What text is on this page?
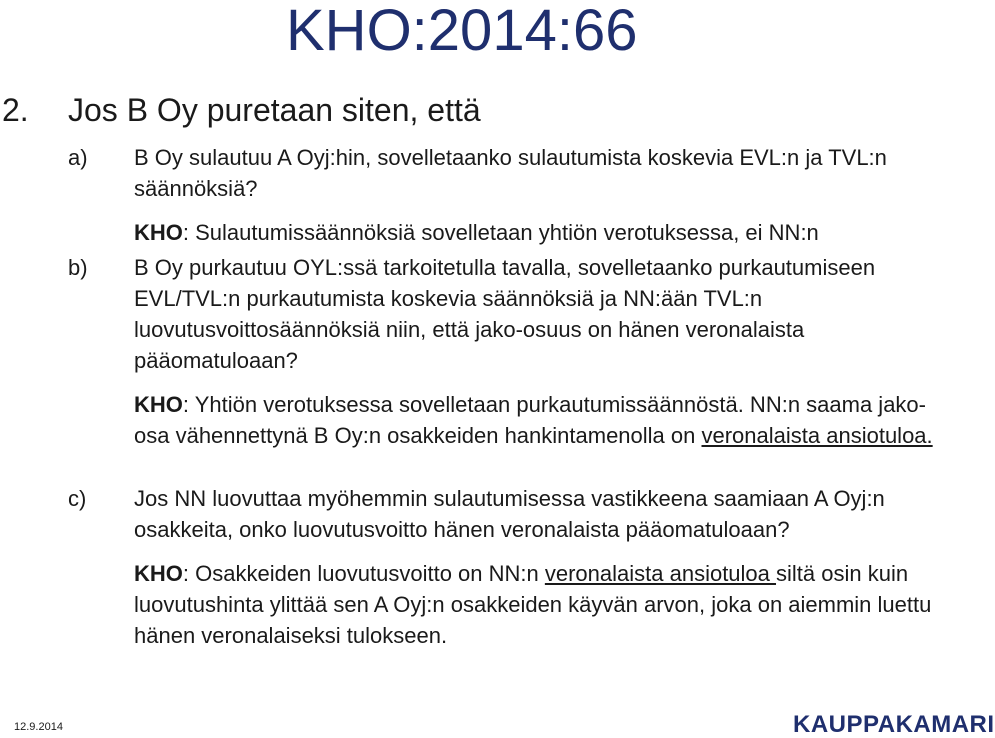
KHO:2014:66
2. Jos B Oy puretaan siten, että
a) B Oy sulautuu A Oyj:hin, sovelletaanko sulautumista koskevia EVL:n ja TVL:n säännöksiä?

KHO: Sulautumissäännöksiä sovelletaan yhtiön verotuksessa, ei NN:n

b) B Oy purkautuu OYL:ssä tarkoitetulla tavalla, sovelletaanko purkautumiseen EVL/TVL:n purkautumista koskevia säännöksiä ja NN:ään TVL:n luovutusvoittosäännöksiä niin, että jako-osuus on hänen veronalaista pääomatuloaan?

KHO: Yhtiön verotuksessa sovelletaan purkautumissäännöstä. NN:n saama jako-osa vähennettynä B Oy:n osakkeiden hankintamenolla on veronalaista ansiotuloa.

c) Jos NN luovuttaa myöhemmin sulautumisessa vastikkeena saamiaan A Oyj:n osakkeita, onko luovutusvoitto hänen veronalaista pääomatuloaan?

KHO: Osakkeiden luovutusvoitto on NN:n veronalaista ansiotuloa siltä osin kuin luovutushinta ylittää sen A Oyj:n osakkeiden käyvän arvon, joka on aiemmin luettu hänen veronalaiseksi tulokseen.

12.9.2014	KAUPPAKAMARI
